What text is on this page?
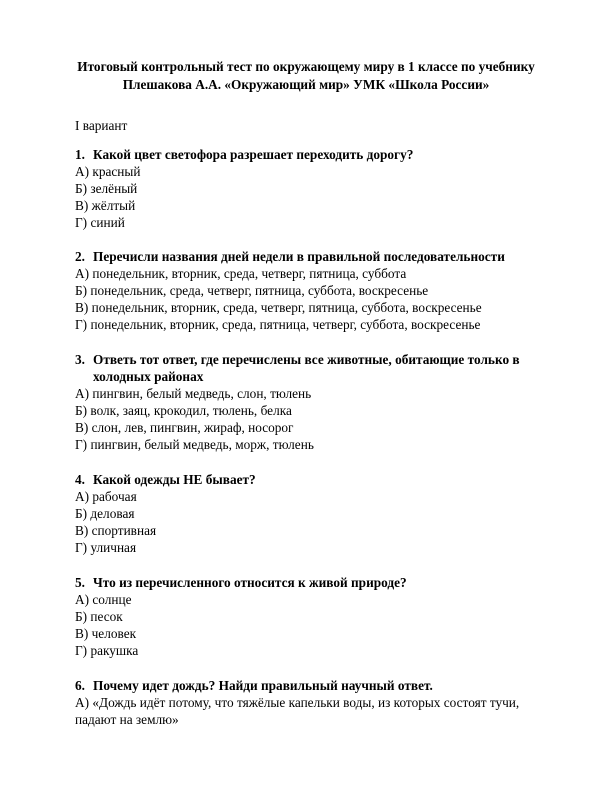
Итоговый контрольный тест по окружающему миру в 1 классе по учебнику
Плешакова А.А. «Окружающий мир» УМК «Школа России»
I вариант
1. Какой цвет светофора разрешает переходить дорогу?
А) красный
Б) зелёный
В) жёлтый
Г) синий
2. Перечисли названия дней недели в правильной последовательности
А) понедельник, вторник, среда, четверг, пятница, суббота
Б) понедельник, среда, четверг, пятница, суббота, воскресенье
В) понедельник, вторник, среда, четверг, пятница, суббота, воскресенье
Г) понедельник, вторник, среда, пятница, четверг, суббота, воскресенье
3. Ответь тот ответ, где перечислены все животные, обитающие только в холодных районах
А) пингвин, белый медведь, слон, тюлень
Б) волк, заяц, крокодил, тюлень, белка
В) слон, лев, пингвин, жираф, носорог
Г) пингвин, белый медведь, морж, тюлень
4. Какой одежды НЕ бывает?
А) рабочая
Б) деловая
В) спортивная
Г) уличная
5. Что из перечисленного относится к живой природе?
А) солнце
Б) песок
В) человек
Г) ракушка
6. Почему идет дождь? Найди правильный научный ответ.
А) «Дождь идёт потому, что тяжёлые капельки воды, из которых состоят тучи, падают на землю»
